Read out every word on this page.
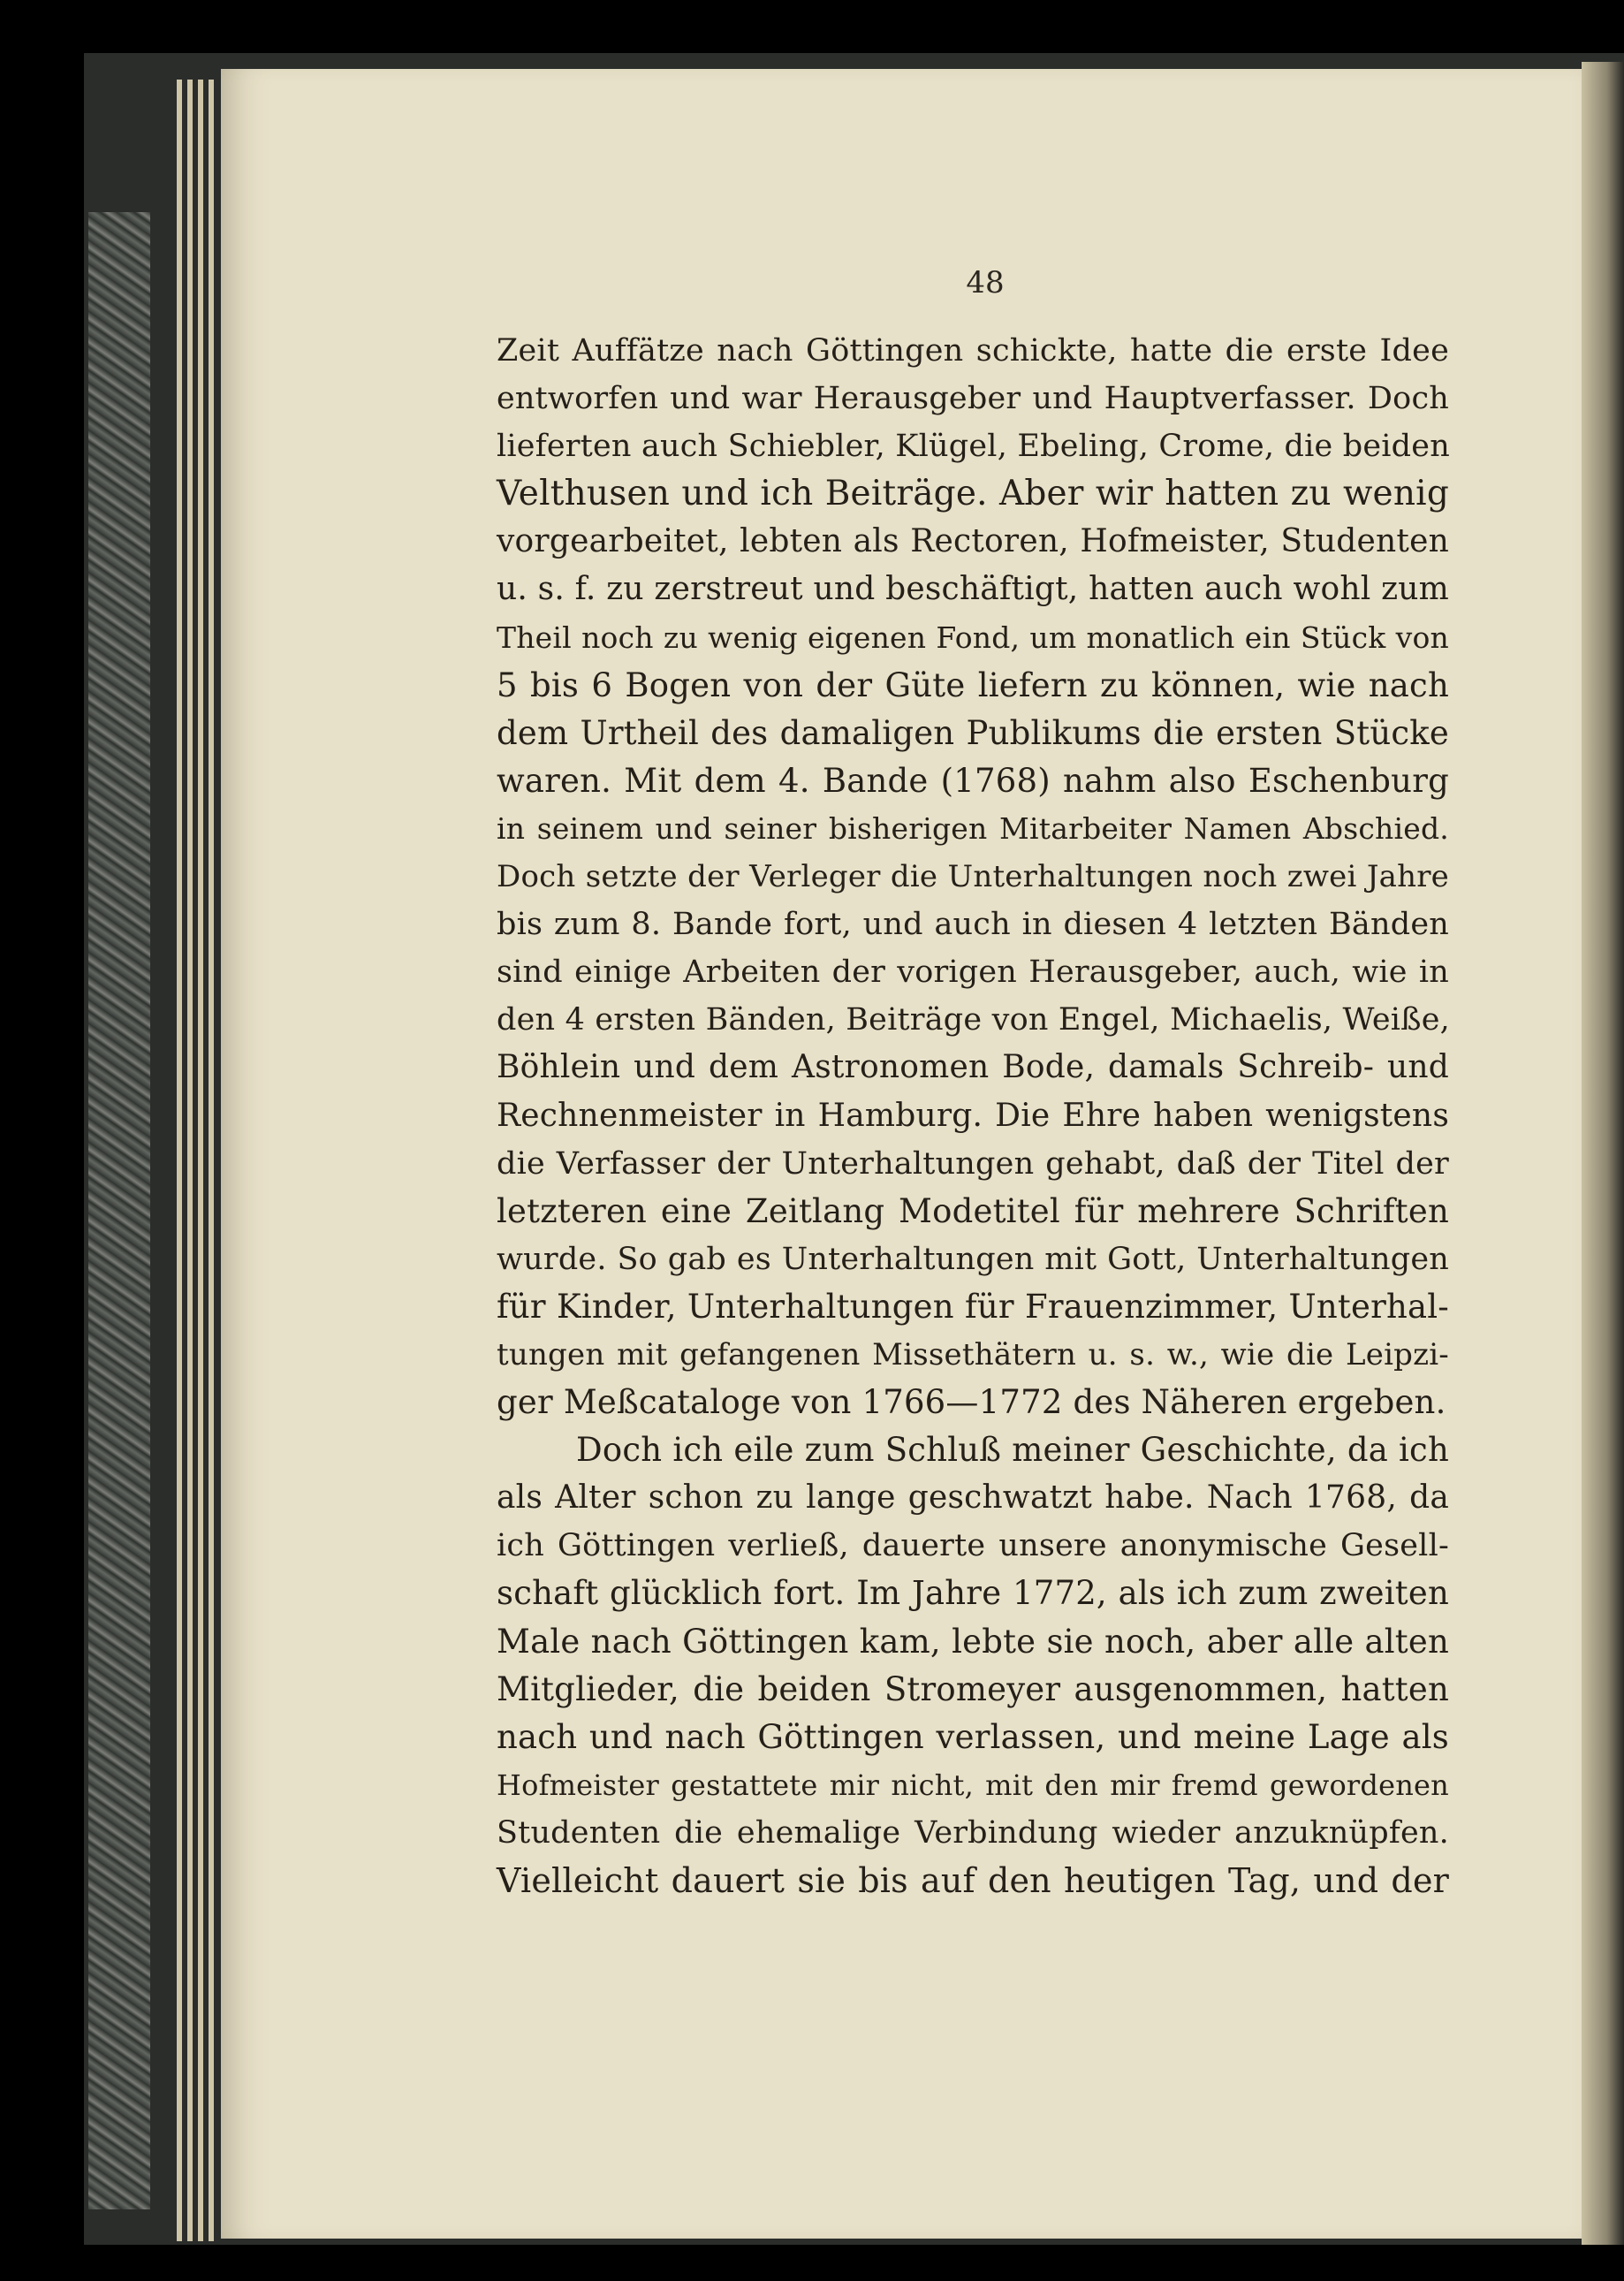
48
Zeit Auffätze nach Göttingen schickte, hatte die erste Idee
entworfen und war Herausgeber und Hauptverfasser. Doch
lieferten auch Schiebler, Klügel, Ebeling, Crome, die beiden
Velthusen und ich Beiträge. Aber wir hatten zu wenig
vorgearbeitet, lebten als Rectoren, Hofmeister, Studenten
u. s. f. zu zerstreut und beschäftigt, hatten auch wohl zum
Theil noch zu wenig eigenen Fond, um monatlich ein Stück von
5 bis 6 Bogen von der Güte liefern zu können, wie nach
dem Urtheil des damaligen Publikums die ersten Stücke
waren. Mit dem 4. Bande (1768) nahm also Eschenburg
in seinem und seiner bisherigen Mitarbeiter Namen Abschied.
Doch setzte der Verleger die Unterhaltungen noch zwei Jahre
bis zum 8. Bande fort, und auch in diesen 4 letzten Bänden
sind einige Arbeiten der vorigen Herausgeber, auch, wie in
den 4 ersten Bänden, Beiträge von Engel, Michaelis, Weiße,
Böhlein und dem Astronomen Bode, damals Schreib- und
Rechnenmeister in Hamburg. Die Ehre haben wenigstens
die Verfasser der Unterhaltungen gehabt, daß der Titel der
letzteren eine Zeitlang Modetitel für mehrere Schriften
wurde. So gab es Unterhaltungen mit Gott, Unterhaltungen
für Kinder, Unterhaltungen für Frauenzimmer, Unterhal-
tungen mit gefangenen Missethätern u. s. w., wie die Leipzi-
ger Meßcataloge von 1766—1772 des Näheren ergeben.
Doch ich eile zum Schluß meiner Geschichte, da ich
als Alter schon zu lange geschwatzt habe. Nach 1768, da
ich Göttingen verließ, dauerte unsere anonymische Gesell-
schaft glücklich fort. Im Jahre 1772, als ich zum zweiten
Male nach Göttingen kam, lebte sie noch, aber alle alten
Mitglieder, die beiden Stromeyer ausgenommen, hatten
nach und nach Göttingen verlassen, und meine Lage als
Hofmeister gestattete mir nicht, mit den mir fremd gewordenen
Studenten die ehemalige Verbindung wieder anzuknüpfen.
Vielleicht dauert sie bis auf den heutigen Tag, und der
